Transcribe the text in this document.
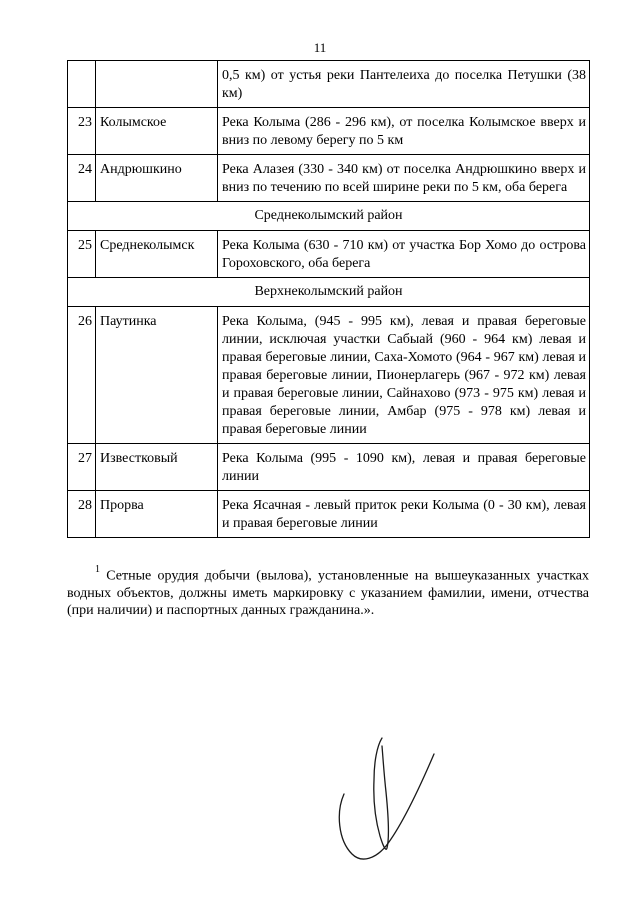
11
		0,5 км) от устья реки Пантелеиха до поселка Петушки (38 км)
23	Колымское	Река Колыма (286 - 296 км), от поселка Колымское вверх и вниз по левому берегу по 5 км
24	Андрюшкино	Река Алазея (330 - 340 км) от поселка Андрюшкино вверх и вниз по течению по всей ширине реки по 5 км, оба берега
Среднеколымский район		
25	Среднеколымск	Река Колыма (630 - 710 км) от участка Бор Хомо до острова Гороховского, оба берега
Верхнеколымский район		
26	Паутинка	Река Колыма, (945 - 995 км), левая и правая береговые линии, исключая участки Сабыай (960 - 964 км) левая и правая береговые линии, Саха-Хомото (964 - 967 км) левая и правая береговые линии, Пионерлагерь (967 - 972 км) левая и правая береговые линии, Сайнахово (973 - 975 км) левая и правая береговые линии, Амбар (975 - 978 км) левая и правая береговые линии
27	Известковый	Река Колыма (995 - 1090 км), левая и правая береговые линии
28	Прорва	Река Ясачная - левый приток реки Колыма (0 - 30 км), левая и правая береговые линии
$^1$ Сетные орудия добычи (вылова), установленные на вышеуказанных участках водных объектов, должны иметь маркировку с указанием фамилии, имени, отчества (при наличии) и паспортных данных гражданина.».
